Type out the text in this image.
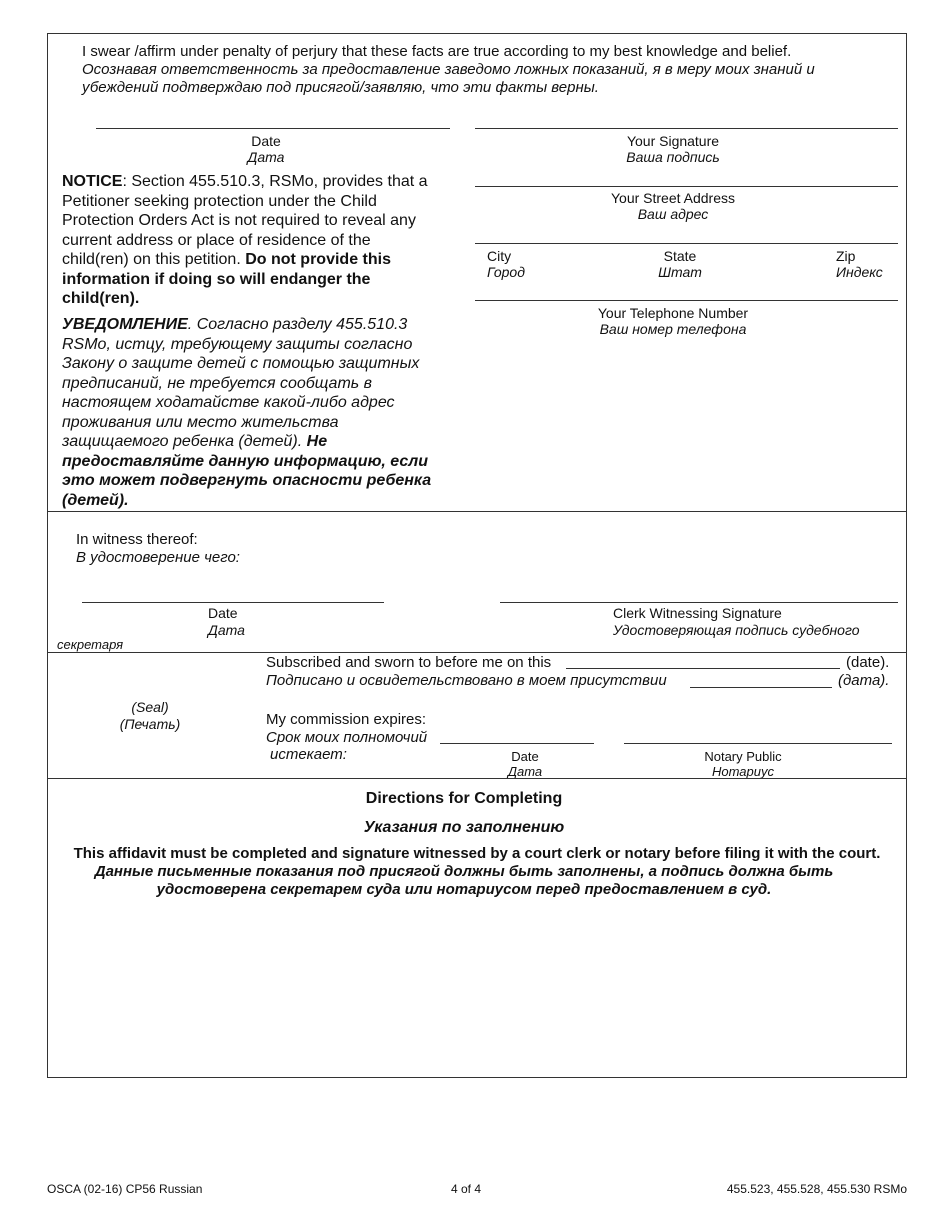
I swear /affirm under penalty of perjury that these facts are true according to my best knowledge and belief.
Осознавая ответственность за предоставление заведомо ложных показаний, я в меру моих знаний и
убеждений подтверждаю под присягой/заявляю, что эти факты верны.
Date
Дата
Your Signature
Ваша подпись
Your Street Address
Ваш адрес
City
Город
State
Штат
Zip
Индекс
Your Telephone Number
Ваш номер телефона
NOTICE: Section 455.510.3, RSMo, provides that a Petitioner seeking protection under the Child Protection Orders Act is not required to reveal any current address or place of residence of the child(ren) on this petition. Do not provide this information if doing so will endanger the child(ren).
УВЕДОМЛЕНИЕ. Согласно разделу 455.510.3 RSMo, истцу, требующему защиты согласно Закону о защите детей с помощью защитных предписаний, не требуется сообщать в настоящем ходатайстве какой-либо адрес проживания или место жительства защищаемого ребенка (детей). Не предоставляйте данную информацию, если это может подвергнуть опасности ребенка (детей).
In witness thereof:
В удостоверение чего:
Date
Дата
Clerk Witnessing Signature
Удостоверяющая подпись судебного
секретаря
(Seal)
(Печать)
Subscribed and sworn to before me on this	(date).
Подписано и освидетельствовано в моем присутствии	(дата).
My commission expires:
Срок моих полномочий
истекает:	Date
Дата
Notary Public
Нотариус
Directions for Completing
Указания по заполнению
This affidavit must be completed and signature witnessed by a court clerk or notary before filing it with the court.
Данные письменные показания под присягой должны быть заполнены, а подпись должна быть
удостоверена секретарем суда или нотариусом перед предоставлением в суд.
OSCA (02-16) CP56 Russian	4 of 4	455.523, 455.528, 455.530 RSMo
